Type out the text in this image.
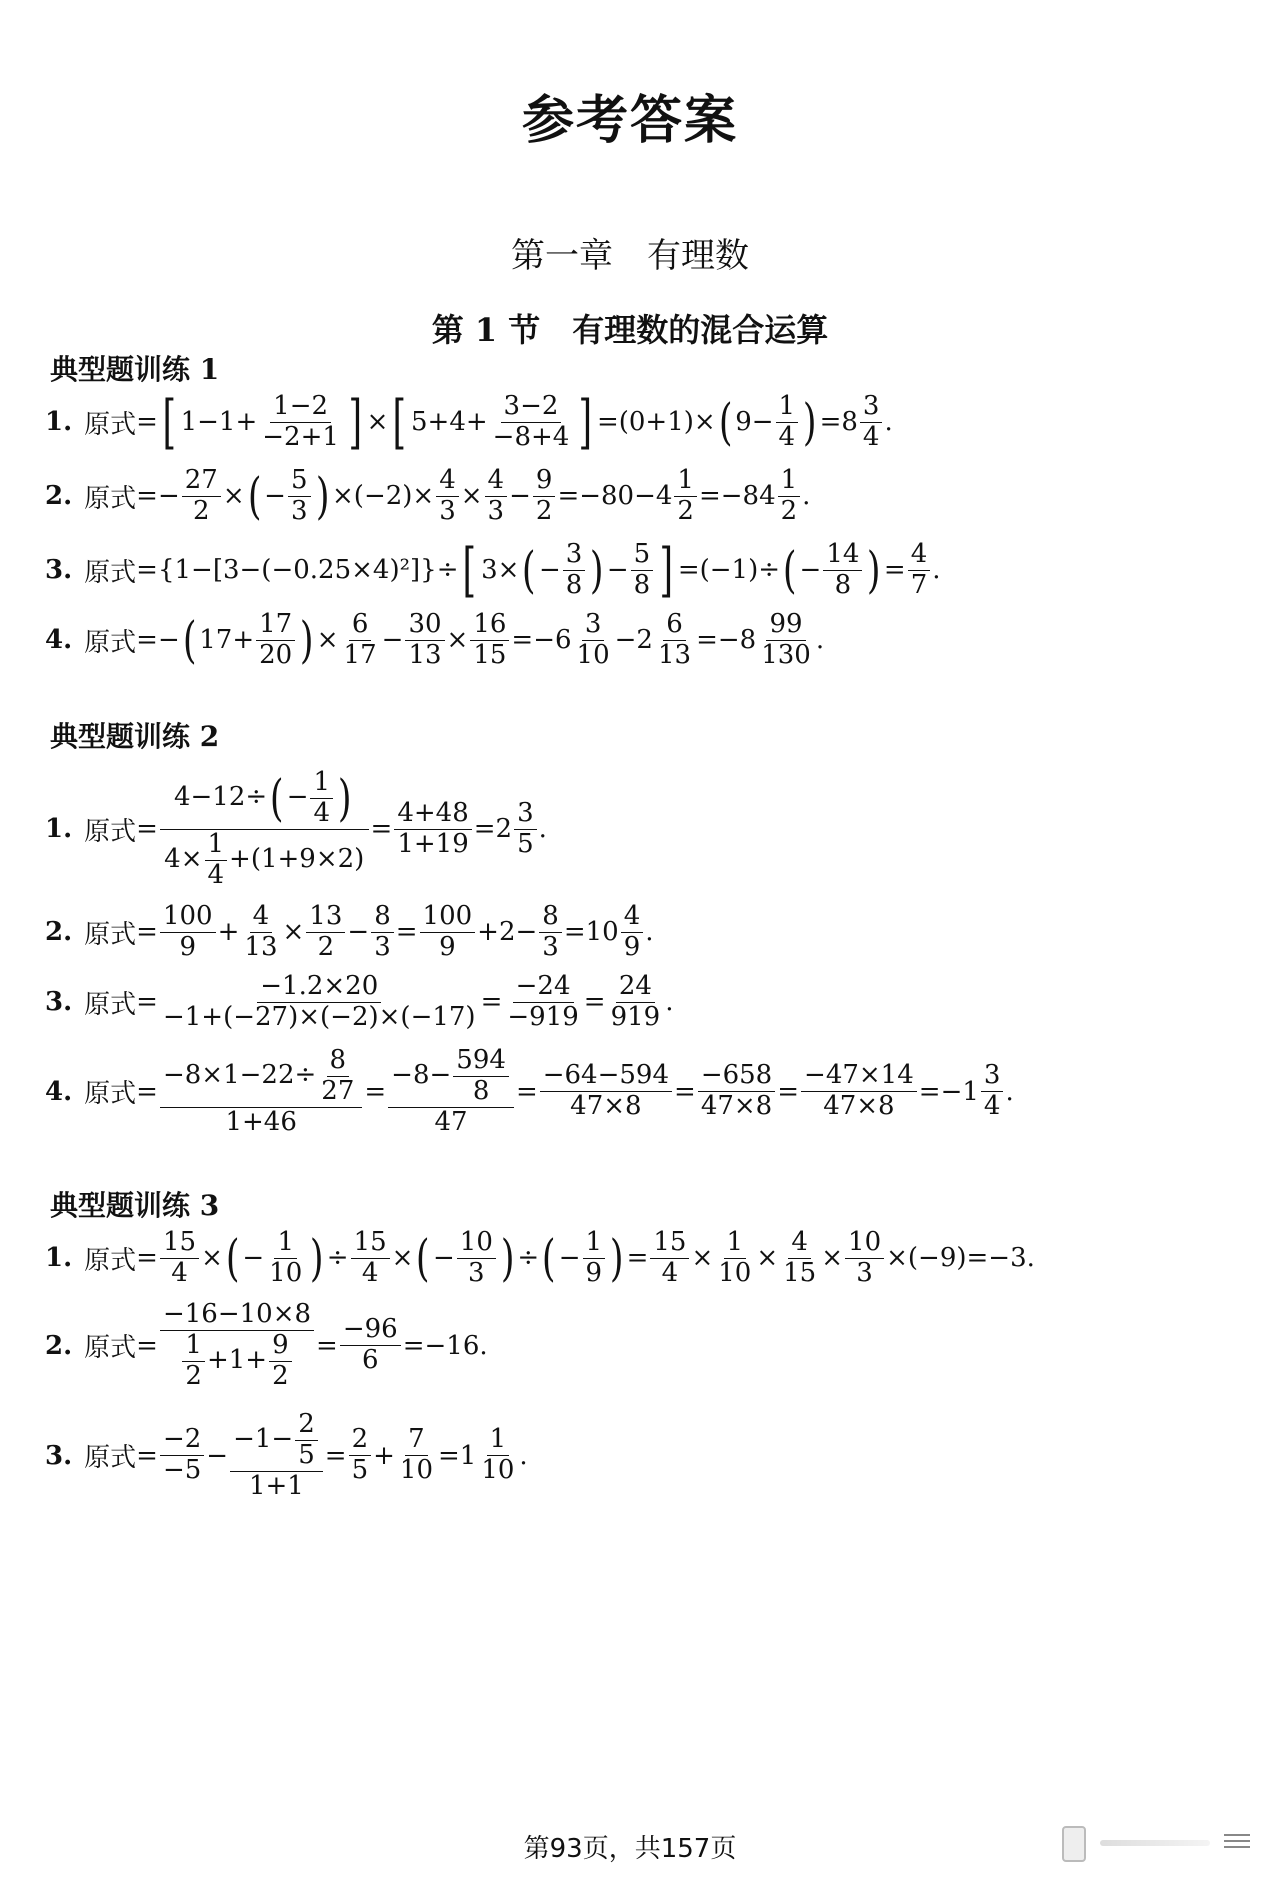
参考答案
第一章　有理数
第 1 节　有理数的混合运算
典型题训练 1
1. 原式 = [ $1-1+ \frac{1-2}{-2+1}$ ] × [ $5+4+ \frac{3-2}{-8+4}$ ] =(0+1)× ( $9- \frac{1}{4}$ ) $=8 \frac{3}{4}$ .
2. 原式 =− $\frac{27}{2}$ × ( − $\frac{5}{3}$ ) $\times(-2)\times \frac{4}{3} \times \frac{4}{3} - \frac{9}{2} =-80-4 \frac{1}{2} =-84 \frac{1}{2}$ .
3. 原式 ={1−[3−(−0.25×4)²]}÷ [ 3× ( − $\frac{3}{8}$ ) − $\frac{5}{8}$ ] =(−1)÷ ( − $\frac{14}{8}$ ) = $\frac{4}{7}$ .
4. 原式 =− ( $17+ \frac{17}{20}$ ) × $\frac{6}{17} - \frac{30}{13} \times \frac{16}{15} =-6 \frac{3}{10} -2 \frac{6}{13} =-8 \frac{99}{130}$ .
典型题训练 2
1. 原式 = $\frac{4-12\div ( - \frac{1}{4} )}{4\times \frac{1}{4} +(1+9\times 2)} = \frac{4+48}{1+19} =2 \frac{3}{5}$ .
2. 原式 = $\frac{100}{9} + \frac{4}{13} \times \frac{13}{2} - \frac{8}{3} = \frac{100}{9} +2- \frac{8}{3} =10 \frac{4}{9}$ .
3. 原式 = $\frac{-1.2\times 20}{-1+(-27)\times(-2)\times(-17)} = \frac{-24}{-919} = \frac{24}{919}$ .
4. 原式 = $\frac{-8\times 1-22\div \frac{8}{27}}{1+46} = \frac{-8- \frac{594}{8}}{47} = \frac{-64-594}{47\times 8} = \frac{-658}{47\times 8} = \frac{-47\times 14}{47\times 8} =-1 \frac{3}{4}$ .
典型题训练 3
1. 原式 = $\frac{15}{4}$ × ( − $\frac{1}{10}$ ) ÷ $\frac{15}{4}$ × ( − $\frac{10}{3}$ ) ÷ ( − $\frac{1}{9}$ ) = $\frac{15}{4} \times \frac{1}{10} \times \frac{4}{15} \times \frac{10}{3} \times(-9)=-3$ .
2. 原式 = $\frac{-16-10\times 8}{\frac{1}{2} +1+ \frac{9}{2}} = \frac{-96}{6} =-16$ .
3. 原式 = $\frac{-2}{-5} - \frac{-1- \frac{2}{5}}{1+1} = \frac{2}{5} + \frac{7}{10} =1 \frac{1}{10}$ .
第93页，共157页
